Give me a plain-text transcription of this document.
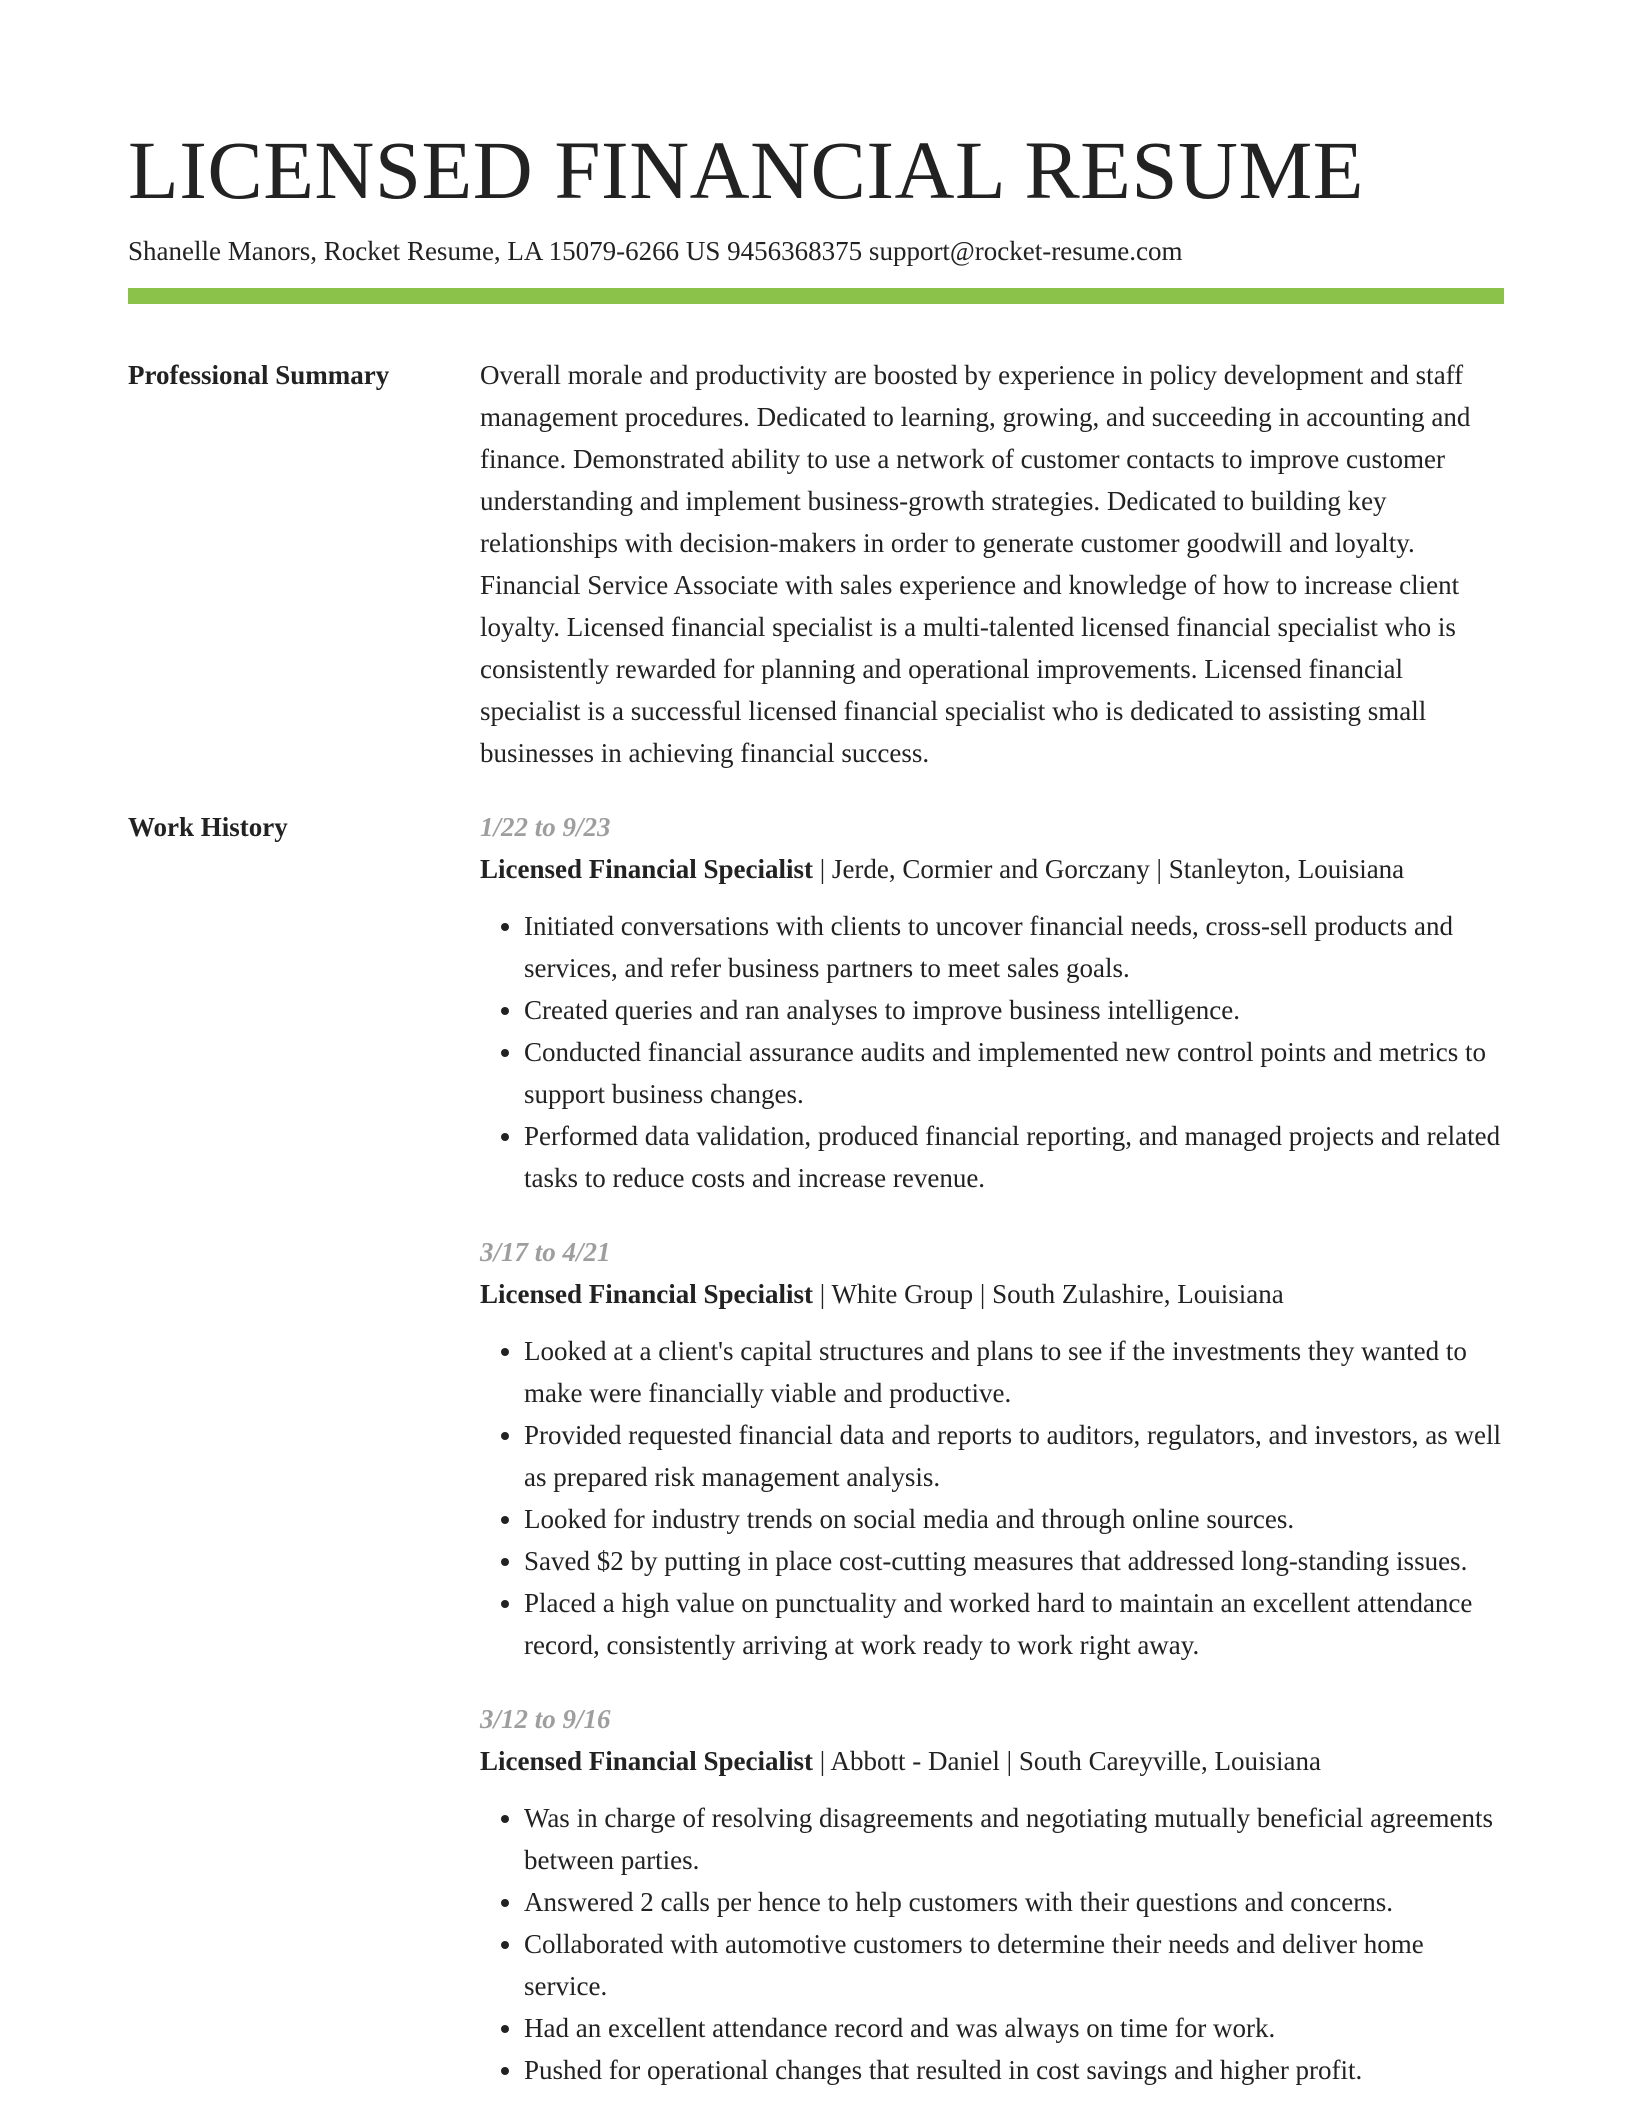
LICENSED FINANCIAL RESUME
Shanelle Manors, Rocket Resume, LA 15079-6266 US 9456368375 support@rocket-resume.com
Professional Summary	Overall morale and productivity are boosted by experience in policy development and staff management procedures. Dedicated to learning, growing, and succeeding in accounting and finance. Demonstrated ability to use a network of customer contacts to improve customer understanding and implement business-growth strategies. Dedicated to building key relationships with decision-makers in order to generate customer goodwill and loyalty. Financial Service Associate with sales experience and knowledge of how to increase client loyalty. Licensed financial specialist is a multi-talented licensed financial specialist who is consistently rewarded for planning and operational improvements. Licensed financial specialist is a successful licensed financial specialist who is dedicated to assisting small businesses in achieving financial success.

Work History	1/22 to 9/23
Licensed Financial Specialist | Jerde, Cormier and Gorczany | Stanleyton, Louisiana
• Initiated conversations with clients to uncover financial needs, cross-sell products and services, and refer business partners to meet sales goals.
• Created queries and ran analyses to improve business intelligence.
• Conducted financial assurance audits and implemented new control points and metrics to support business changes.
• Performed data validation, produced financial reporting, and managed projects and related tasks to reduce costs and increase revenue.
3/17 to 4/21
Licensed Financial Specialist | White Group | South Zulashire, Louisiana
• Looked at a client's capital structures and plans to see if the investments they wanted to make were financially viable and productive.
• Provided requested financial data and reports to auditors, regulators, and investors, as well as prepared risk management analysis.
• Looked for industry trends on social media and through online sources.
• Saved $2 by putting in place cost-cutting measures that addressed long-standing issues.
• Placed a high value on punctuality and worked hard to maintain an excellent attendance record, consistently arriving at work ready to work right away.
3/12 to 9/16
Licensed Financial Specialist | Abbott - Daniel | South Careyville, Louisiana
• Was in charge of resolving disagreements and negotiating mutually beneficial agreements between parties.
• Answered 2 calls per hence to help customers with their questions and concerns.
• Collaborated with automotive customers to determine their needs and deliver home service.
• Had an excellent attendance record and was always on time for work.
• Pushed for operational changes that resulted in cost savings and higher profit.
